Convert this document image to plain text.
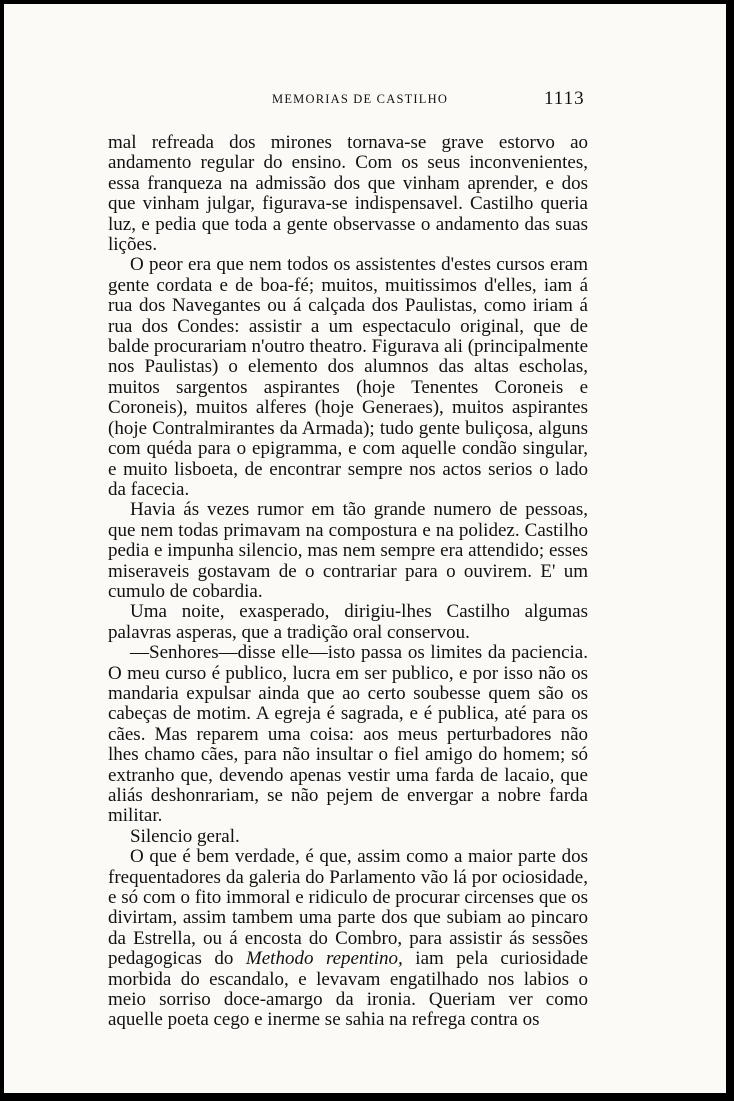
MEMORIAS DE CASTILHO	1113

mal refreada dos mirones tornava-se grave estorvo ao andamento regular do ensino. Com os seus inconvenientes, essa franqueza na admissão dos que vinham aprender, e dos que vinham julgar, figurava-se indispensavel. Castilho queria luz, e pedia que toda a gente observasse o andamento das suas lições.

O peor era que nem todos os assistentes d'estes cursos eram gente cordata e de boa-fé; muitos, muitissimos d'elles, iam á rua dos Navegantes ou á calçada dos Paulistas, como iriam á rua dos Condes: assistir a um espectaculo original, que de balde procurariam n'outro theatro. Figurava ali (principalmente nos Paulistas) o elemento dos alumnos das altas escholas, muitos sargentos aspirantes (hoje Tenentes Coroneis e Coroneis), muitos alferes (hoje Generaes), muitos aspirantes (hoje Contralmirantes da Armada); tudo gente buliçosa, alguns com quéda para o epigramma, e com aquelle condão singular, e muito lisboeta, de encontrar sempre nos actos serios o lado da facecia.

Havia ás vezes rumor em tão grande numero de pessoas, que nem todas primavam na compostura e na polidez. Castilho pedia e impunha silencio, mas nem sempre era attendido; esses miseraveis gostavam de o contrariar para o ouvirem. E' um cumulo de cobardia.

Uma noite, exasperado, dirigiu-lhes Castilho algumas palavras asperas, que a tradição oral conservou.

—Senhores—disse elle—isto passa os limites da paciencia. O meu curso é publico, lucra em ser publico, e por isso não os mandaria expulsar ainda que ao certo soubesse quem são os cabeças de motim. A egreja é sagrada, e é publica, até para os cães. Mas reparem uma coisa: aos meus perturbadores não lhes chamo cães, para não insultar o fiel amigo do homem; só extranho que, devendo apenas vestir uma farda de lacaio, que aliás deshonrariam, se não pejem de envergar a nobre farda militar.

Silencio geral.

O que é bem verdade, é que, assim como a maior parte dos frequentadores da galeria do Parlamento vão lá por ociosidade, e só com o fito immoral e ridiculo de procurar circenses que os divirtam, assim tambem uma parte dos que subiam ao pincaro da Estrella, ou á encosta do Combro, para assistir ás sessões pedagogicas do Methodo repentino, iam pela curiosidade morbida do escandalo, e levavam engatilhado nos labios o meio sorriso doce-amargo da ironia. Queriam ver como aquelle poeta cego e inerme se sahia na refrega contra os
